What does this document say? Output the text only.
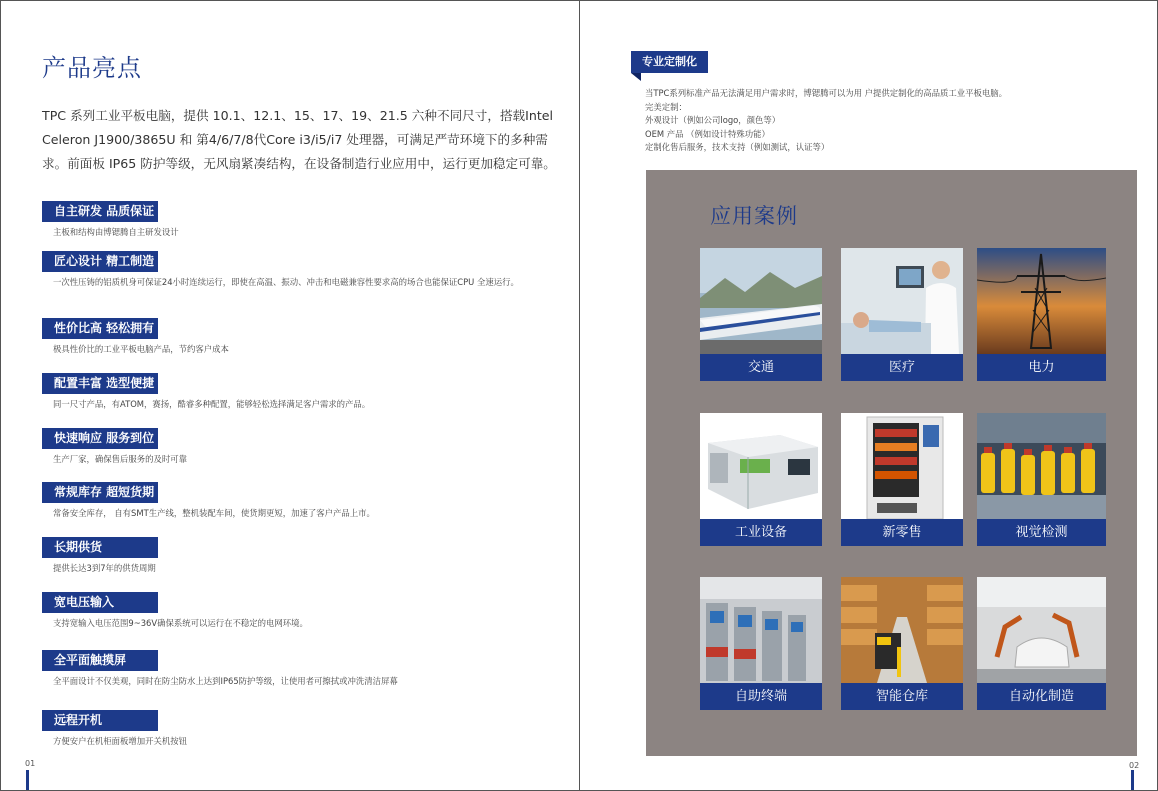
产品亮点
TPC 系列工业平板电脑，提供 10.1、12.1、15、17、19、21.5 六种不同尺寸，搭载Intel Celeron J1900/3865U 和 第4/6/7/8代Core i3/i5/i7 处理器，可满足严苛环境下的多种需求。前面板 IP65 防护等级，无风扇紧凑结构，在设备制造行业应用中，运行更加稳定可靠。
自主研发 品质保证
主板和结构由博锶腾自主研发设计
匠心设计 精工制造
一次性压铸的铝质机身可保证24小时连续运行，即使在高温、振动、冲击和电磁兼容性要求高的场合也能保证CPU 全速运行。
性价比高 轻松拥有
极具性价比的工业平板电脑产品，节约客户成本
配置丰富 选型便捷
同一尺寸产品，有ATOM，赛扬，酷睿多种配置，能够轻松选择满足客户需求的产品。
快速响应 服务到位
生产厂家，确保售后服务的及时可靠
常规库存 超短货期
常备安全库存， 自有SMT生产线，整机装配车间，使货期更短，加速了客户产品上市。
长期供货
提供长达3到7年的供货周期
宽电压输入
支持宽输入电压范围9~36V确保系统可以运行在不稳定的电网环境。
全平面触摸屏
全平面设计不仅美观，同时在防尘防水上达到IP65防护等级，让使用者可擦拭或冲洗清洁屏幕
远程开机
方便安户在机柜面板增加开关机按钮
01
专业定制化
当TPC系列标准产品无法满足用户需求时，博锶腾可以为用 户提供定制化的高品质工业平板电脑。
完美定制：
外观设计（例如公司logo，颜色等）
OEM 产品 （例如设计特殊功能）
定制化售后服务，技术支持（例如测试，认证等）
应用案例
交通	医疗	电力
工业设备	新零售	视觉检测
自助终端	智能仓库	自动化制造
02
